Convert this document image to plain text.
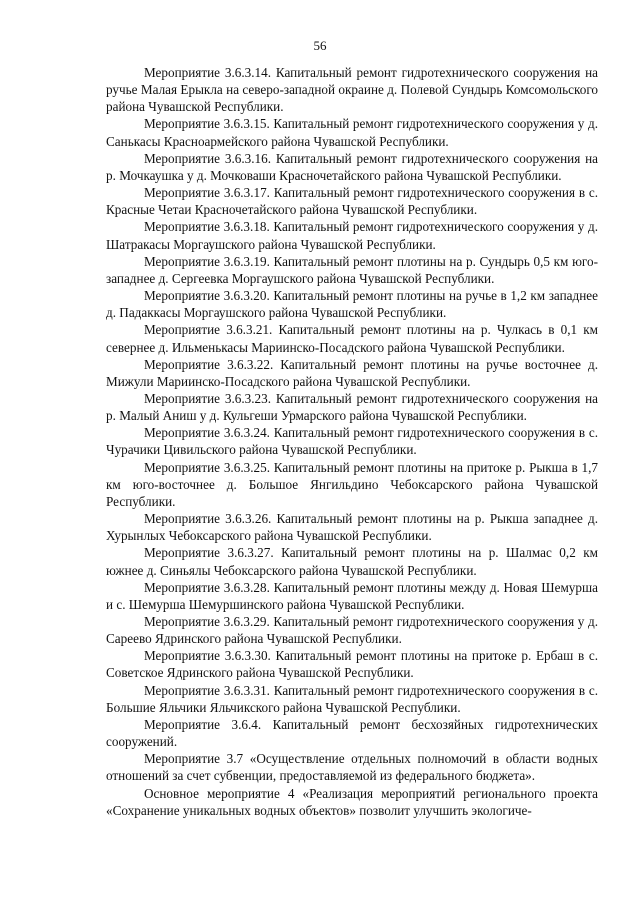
56

Мероприятие 3.6.3.14. Капитальный ремонт гидротехнического сооружения на ручье Малая Ерыкла на северо-западной окраине д. Полевой Сундырь Комсомольского района Чувашской Республики.

Мероприятие 3.6.3.15. Капитальный ремонт гидротехнического сооружения у д. Санькасы Красноармейского района Чувашской Республики.

Мероприятие 3.6.3.16. Капитальный ремонт гидротехнического сооружения на р. Мочкаушка у д. Мочковаши Красночетайского района Чувашской Республики.

Мероприятие 3.6.3.17. Капитальный ремонт гидротехнического сооружения в с. Красные Четаи Красночетайского района Чувашской Республики.

Мероприятие 3.6.3.18. Капитальный ремонт гидротехнического сооружения у д. Шатракасы Моргаушского района Чувашской Республики.

Мероприятие 3.6.3.19. Капитальный ремонт плотины на р. Сундырь 0,5 км юго-западнее д. Сергеевка Моргаушского района Чувашской Республики.

Мероприятие 3.6.3.20. Капитальный ремонт плотины на ручье в 1,2 км западнее д. Падаккасы Моргаушского района Чувашской Республики.

Мероприятие 3.6.3.21. Капитальный ремонт плотины на р. Чулкась в 0,1 км севернее д. Ильменькасы Мариинско-Посадского района Чувашской Республики.

Мероприятие 3.6.3.22. Капитальный ремонт плотины на ручье восточнее д. Мижули Мариинско-Посадского района Чувашской Республики.

Мероприятие 3.6.3.23. Капитальный ремонт гидротехнического сооружения на р. Малый Аниш у д. Кульгеши Урмарского района Чувашской Республики.

Мероприятие 3.6.3.24. Капитальный ремонт гидротехнического сооружения в с. Чурачики Цивильского района Чувашской Республики.

Мероприятие 3.6.3.25. Капитальный ремонт плотины на притоке р. Рыкша в 1,7 км юго-восточнее д. Большое Янгильдино Чебоксарского района Чувашской Республики.

Мероприятие 3.6.3.26. Капитальный ремонт плотины на р. Рыкша западнее д. Хурынлых Чебоксарского района Чувашской Республики.

Мероприятие 3.6.3.27. Капитальный ремонт плотины на р. Шалмас 0,2 км южнее д. Синьялы Чебоксарского района Чувашской Республики.

Мероприятие 3.6.3.28. Капитальный ремонт плотины между д. Новая Шемурша и с. Шемурша Шемуршинского района Чувашской Республики.

Мероприятие 3.6.3.29. Капитальный ремонт гидротехнического сооружения у д. Сареево Ядринского района Чувашской Республики.

Мероприятие 3.6.3.30. Капитальный ремонт плотины на притоке р. Ербаш в с. Советское Ядринского района Чувашской Республики.

Мероприятие 3.6.3.31. Капитальный ремонт гидротехнического сооружения в с. Большие Яльчики Яльчикского района Чувашской Республики.

Мероприятие 3.6.4. Капитальный ремонт бесхозяйных гидротехнических сооружений.

Мероприятие 3.7 «Осуществление отдельных полномочий в области водных отношений за счет субвенции, предоставляемой из федерального бюджета».

Основное мероприятие 4 «Реализация мероприятий регионального проекта «Сохранение уникальных водных объектов» позволит улучшить экологиче-
